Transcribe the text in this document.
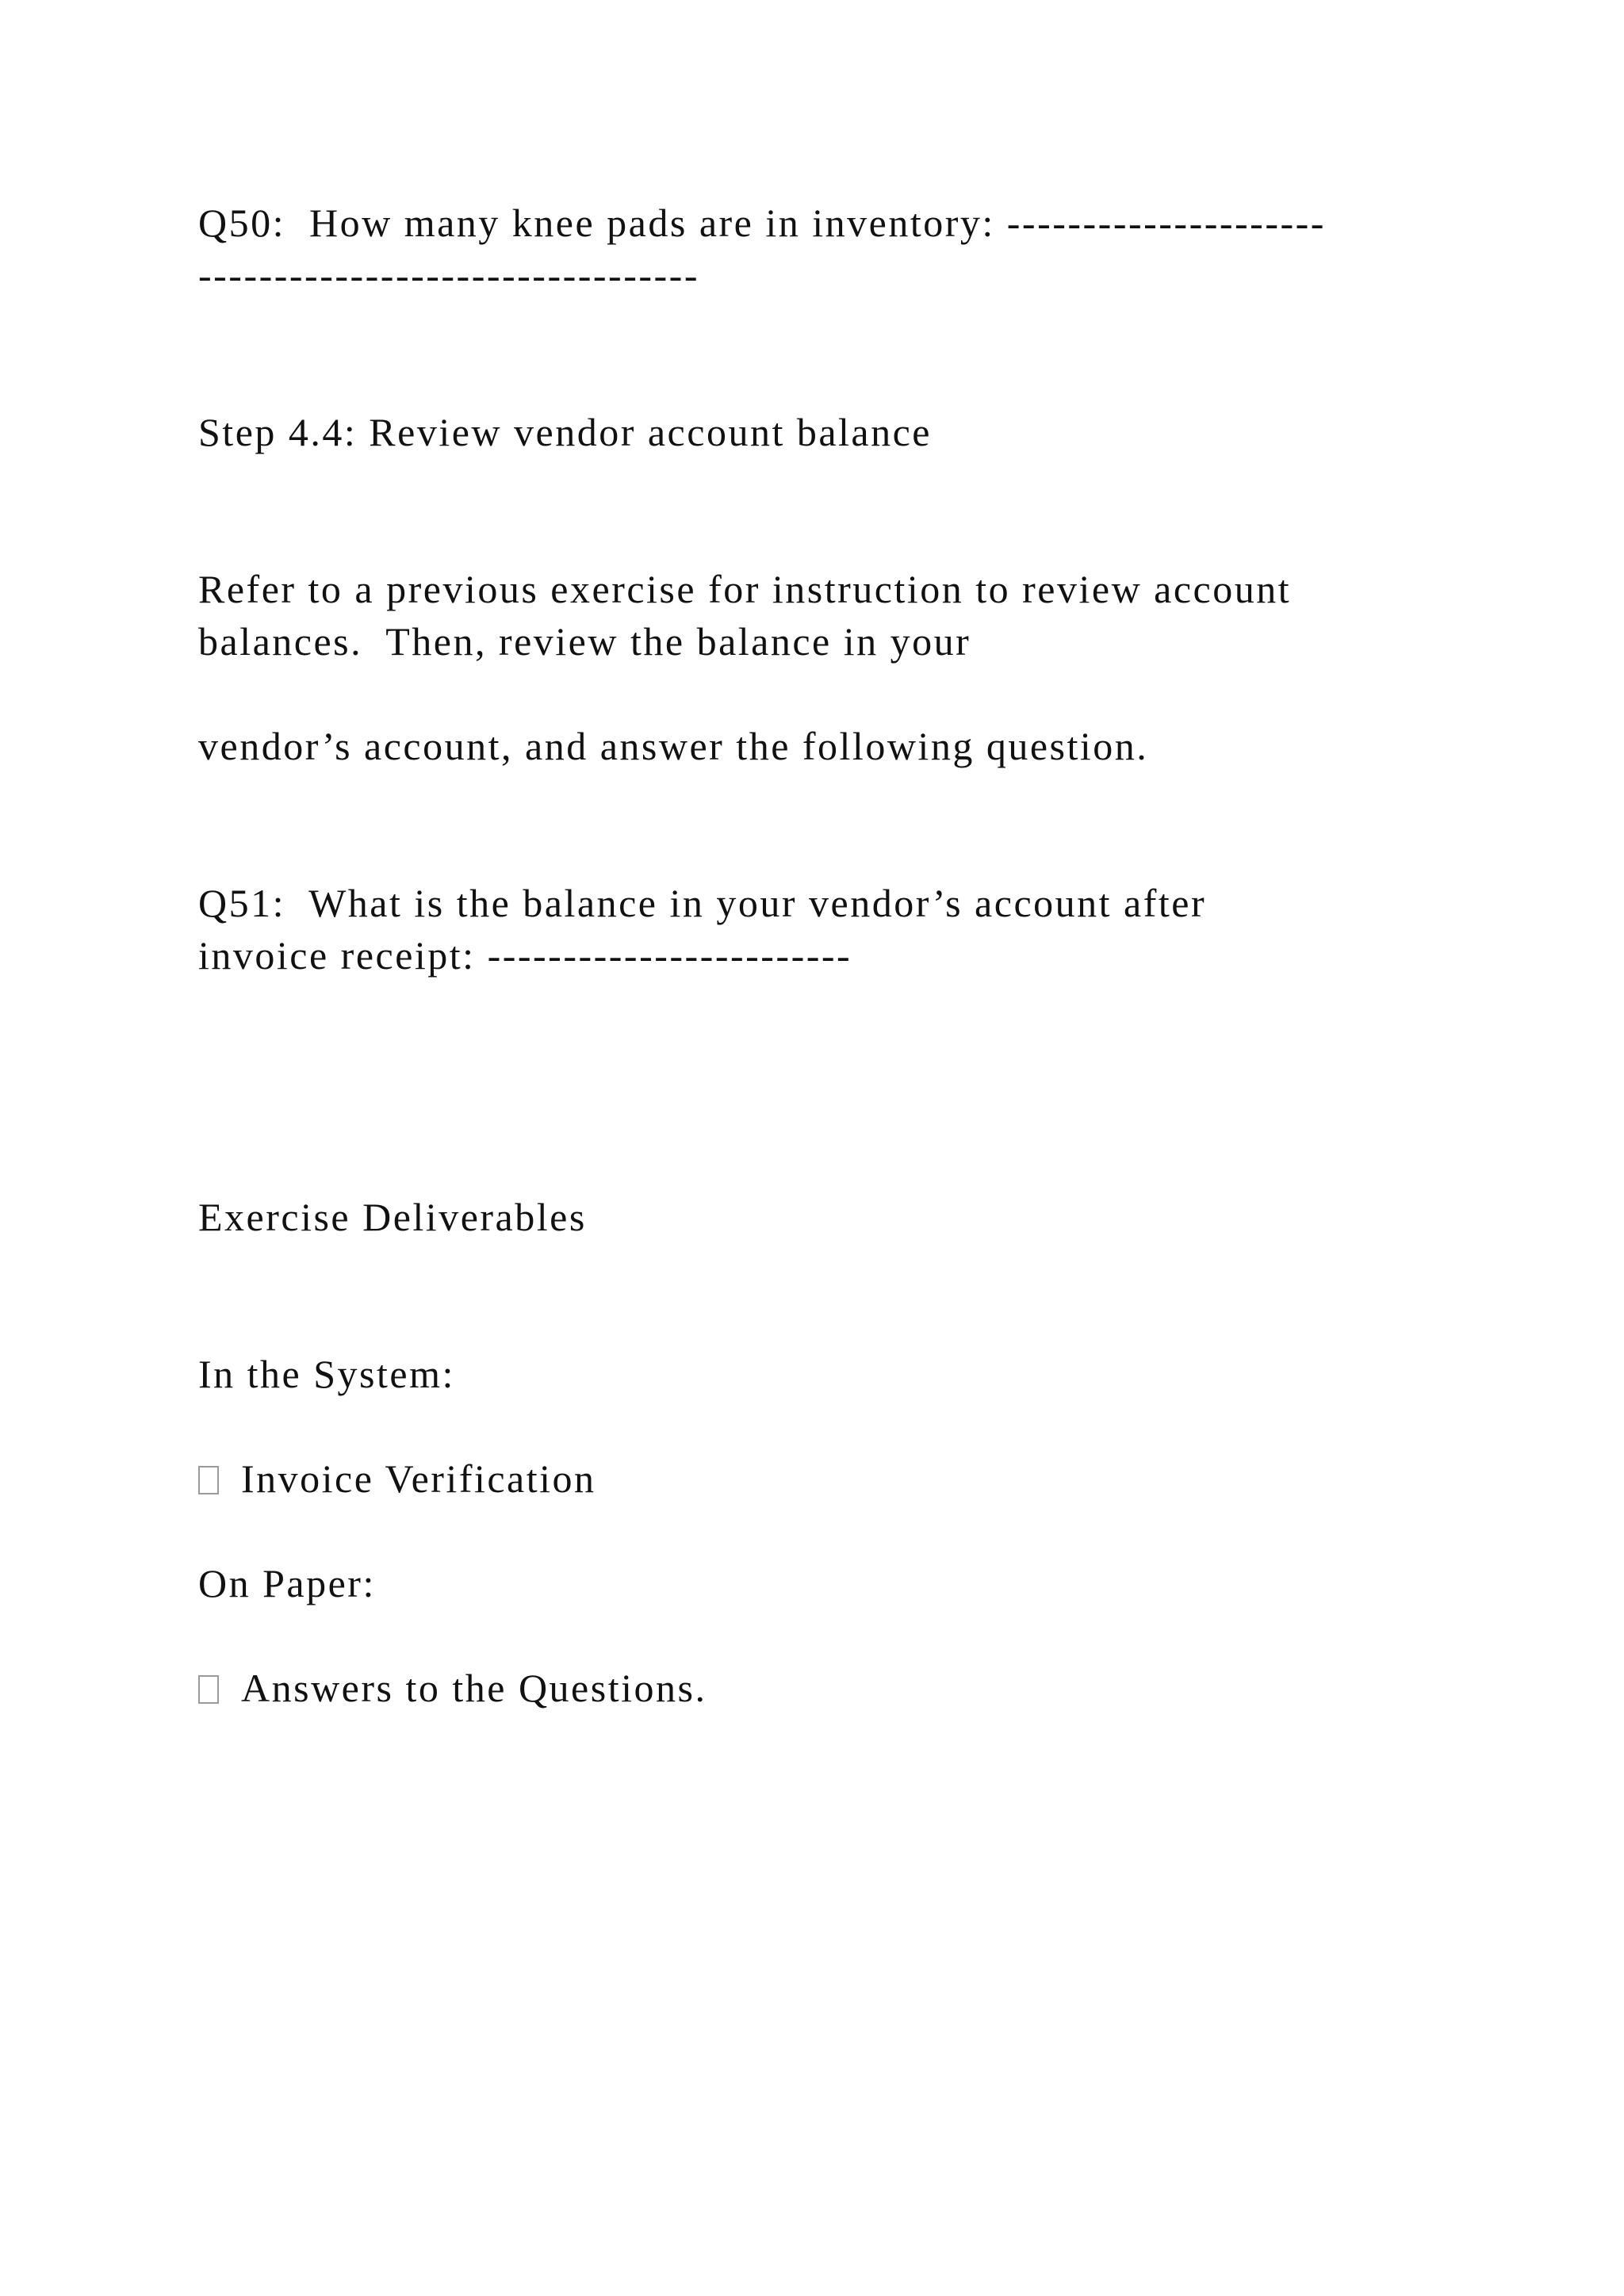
Q50:  How many knee pads are in inventory: ---------------------
---------------------------------
Step 4.4: Review vendor account balance
Refer to a previous exercise for instruction to review account
balances.  Then, review the balance in your
vendor’s account, and answer the following question.
Q51:  What is the balance in your vendor’s account after
invoice receipt: ------------------------
Exercise Deliverables
In the System:
Invoice Verification
On Paper:
Answers to the Questions.
